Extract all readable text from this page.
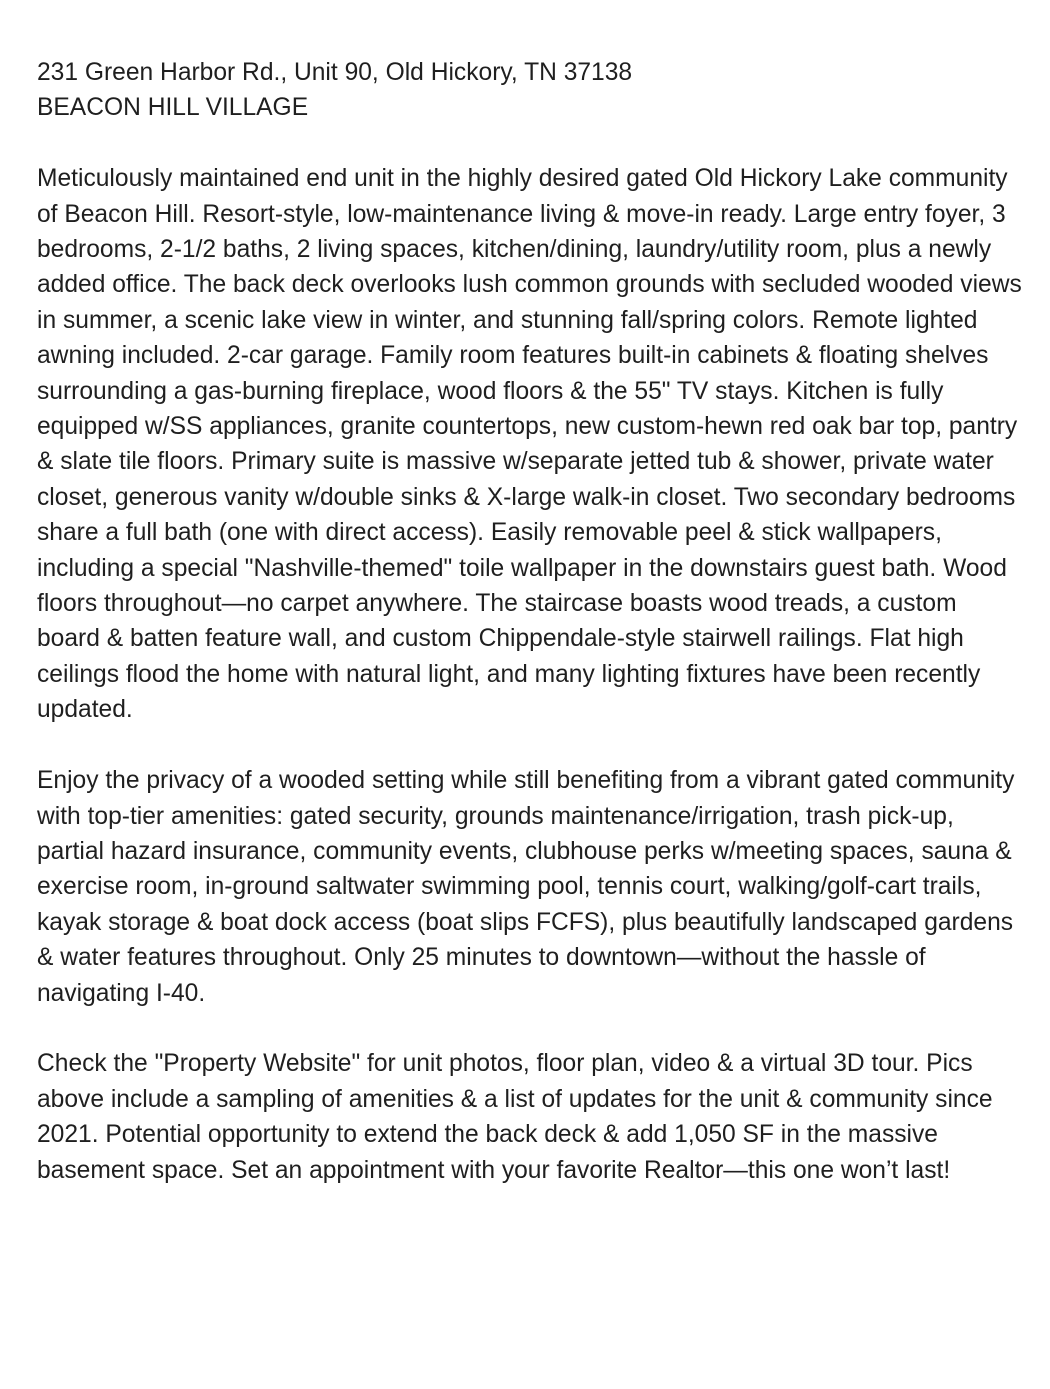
231 Green Harbor Rd., Unit 90, Old Hickory, TN 37138
BEACON HILL VILLAGE

Meticulously maintained end unit in the highly desired gated Old Hickory Lake community of Beacon Hill. Resort-style, low-maintenance living & move-in ready. Large entry foyer, 3 bedrooms, 2-1/2 baths, 2 living spaces, kitchen/dining, laundry/utility room, plus a newly added office. The back deck overlooks lush common grounds with secluded wooded views in summer, a scenic lake view in winter, and stunning fall/spring colors. Remote lighted awning included. 2-car garage. Family room features built-in cabinets & floating shelves surrounding a gas-burning fireplace, wood floors & the 55" TV stays. Kitchen is fully equipped w/SS appliances, granite countertops, new custom-hewn red oak bar top, pantry & slate tile floors. Primary suite is massive w/separate jetted tub & shower, private water closet, generous vanity w/double sinks & X-large walk-in closet. Two secondary bedrooms share a full bath (one with direct access). Easily removable peel & stick wallpapers, including a special "Nashville-themed" toile wallpaper in the downstairs guest bath. Wood floors throughout—no carpet anywhere. The staircase boasts wood treads, a custom board & batten feature wall, and custom Chippendale-style stairwell railings. Flat high ceilings flood the home with natural light, and many lighting fixtures have been recently updated.

Enjoy the privacy of a wooded setting while still benefiting from a vibrant gated community with top-tier amenities: gated security, grounds maintenance/irrigation, trash pick-up, partial hazard insurance, community events, clubhouse perks w/meeting spaces, sauna & exercise room, in-ground saltwater swimming pool, tennis court, walking/golf-cart trails, kayak storage & boat dock access (boat slips FCFS), plus beautifully landscaped gardens & water features throughout. Only 25 minutes to downtown—without the hassle of navigating I-40.

Check the "Property Website" for unit photos, floor plan, video & a virtual 3D tour. Pics above include a sampling of amenities & a list of updates for the unit & community since 2021. Potential opportunity to extend the back deck & add 1,050 SF in the massive basement space. Set an appointment with your favorite Realtor—this one won’t last!
